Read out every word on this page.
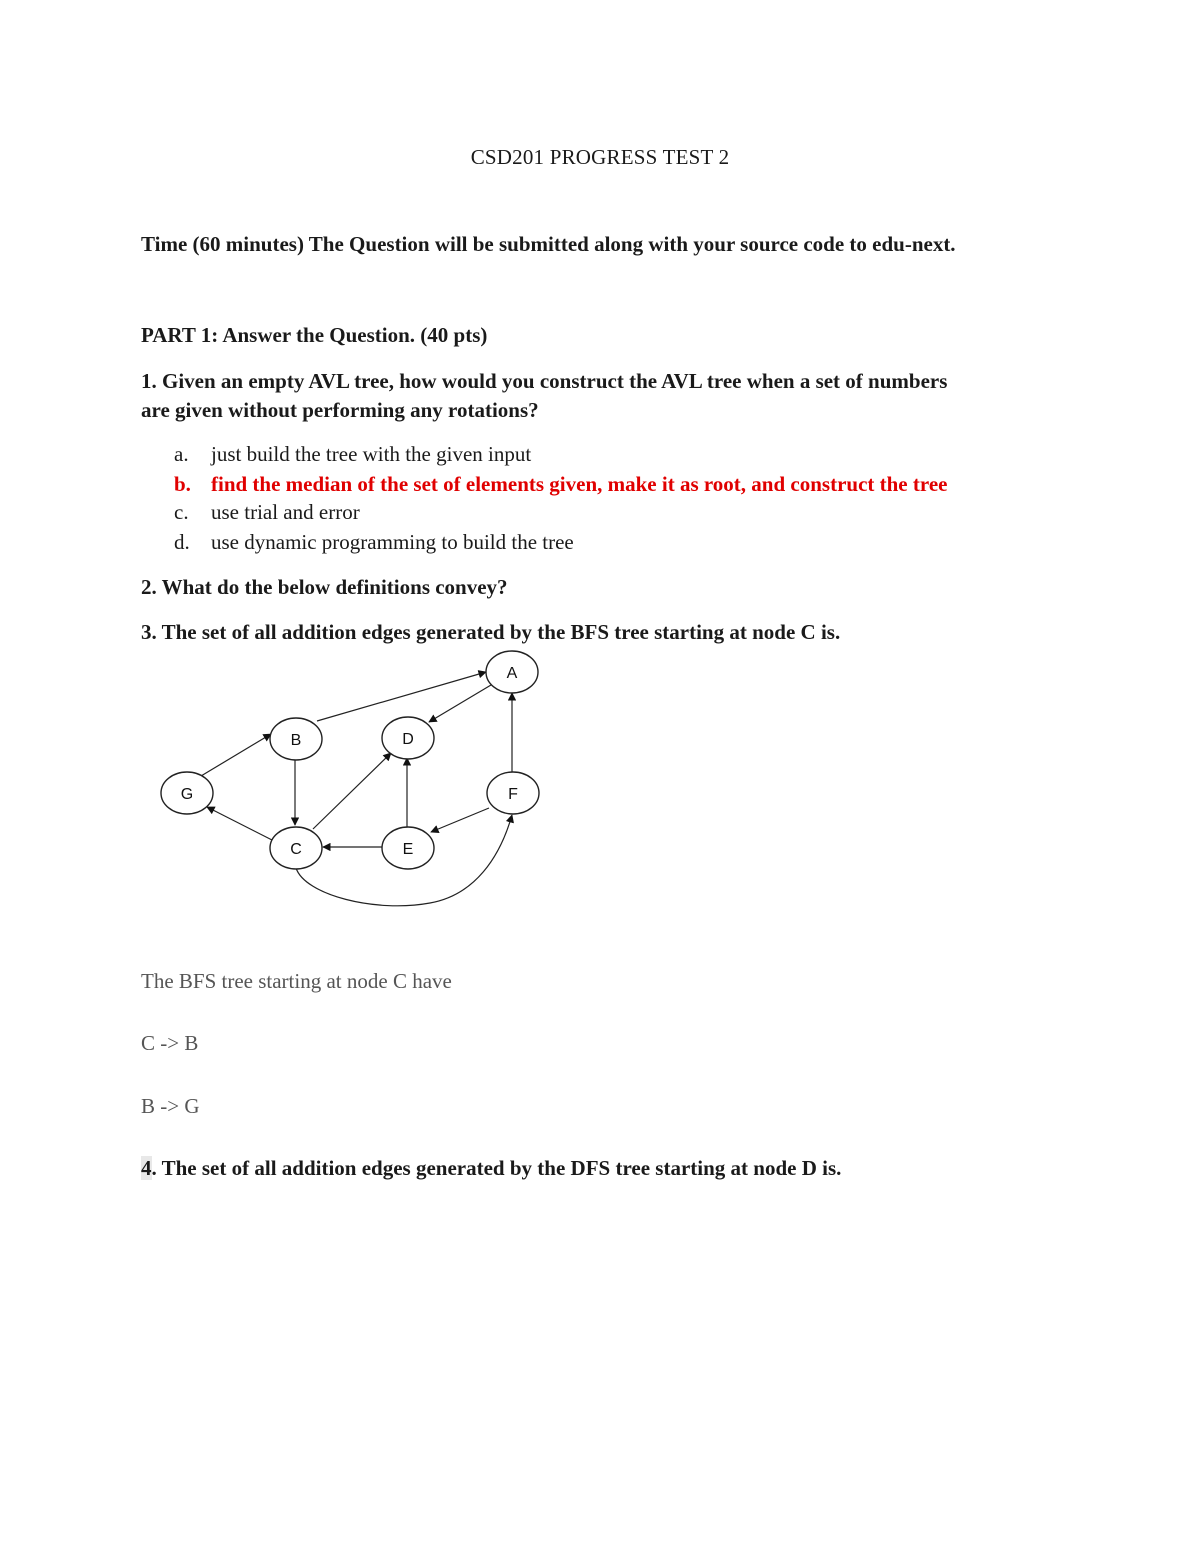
CSD201 PROGRESS TEST 2
Time (60 minutes) The Question will be submitted along with your source code to edu-next.
PART 1: Answer the Question. (40 pts)
1. Given an empty AVL tree, how would you construct the AVL tree when a set of numbers
are given without performing any rotations?
a. just build the tree with the given input
b. find the median of the set of elements given, make it as root, and construct the tree
c. use trial and error
d. use dynamic programming to build the tree
2. What do the below definitions convey?
3. The set of all addition edges generated by the BFS tree starting at node C is.
A
B
C
D
E
F
G
The BFS tree starting at node C have
C -> B
B -> G
4. The set of all addition edges generated by the DFS tree starting at node D is.
